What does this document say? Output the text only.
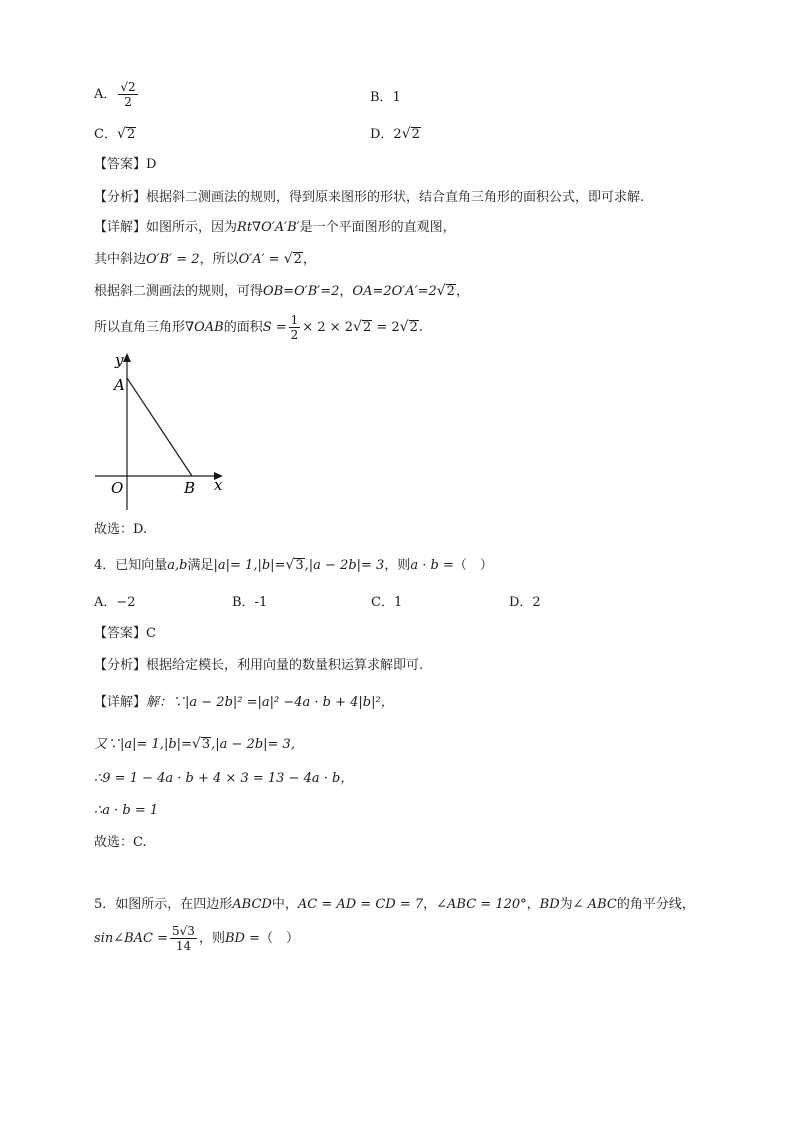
A． $\frac{√2}{2}$	B．1
C．√2	D．2√2
【答案】D
【分析】根据斜二测画法的规则，得到原来图形的形状，结合直角三角形的面积公式，即可求解.
【详解】如图所示，因为Rt∇O′A′B′是一个平面图形的直观图，
其中斜边O′B′ = 2，所以O′A′ = √2，
根据斜二测画法的规则，可得OB=O′B′=2，OA=2O′A′=2√2，
所以直角三角形∇OAB的面积$S = \frac{1}{2} \times 2 \times 2√2 = 2√2$.
y
A
O	B x
故选：D.
4．已知向量a,b满足|a|= 1,|b|=√3,|a − 2b|= 3，则a · b =（　）
A．−2	B．-1	C．1	D．2
【答案】C
【分析】根据给定模长，利用向量的数量积运算求解即可.
【详解】解：∵|a − 2b|² =|a|² −4a · b + 4|b|²，
又∵|a|= 1,|b|=√3,|a − 2b|= 3,
∴9 = 1 − 4a · b + 4 × 3 = 13 − 4a · b，
∴a · b = 1
故选：C.
5．如图所示，在四边形ABCD中，AC = AD = CD = 7，∠ABC = 120°，BD为∠ ABC的角平分线，
sin∠BAC = $\frac{5√3}{14}$ ，则BD =（　）
